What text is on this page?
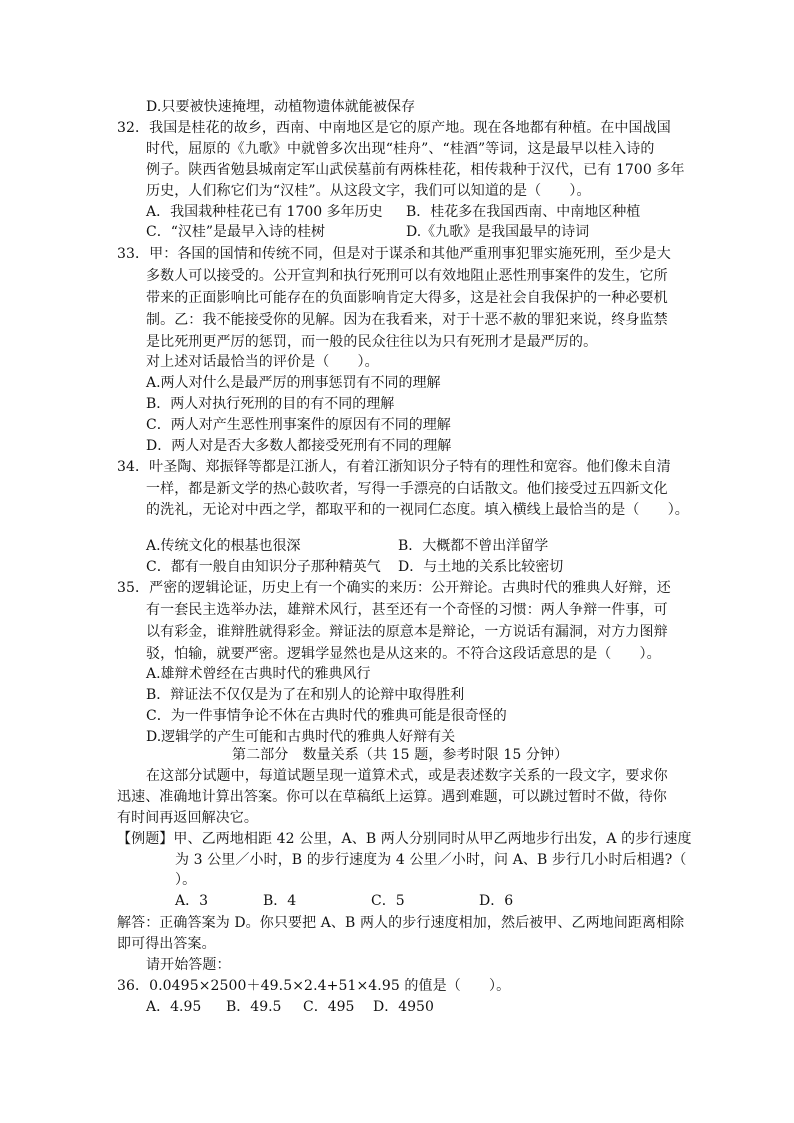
D.只要被快速掩埋，动植物遗体就能被保存
32．我国是桂花的故乡，西南、中南地区是它的原产地。现在各地都有种植。在中国战国
时代，屈原的《九歌》中就曾多次出现“桂舟”、“桂酒”等词，这是最早以桂入诗的
例子。陕西省勉县城南定军山武侯墓前有两株桂花，相传栽种于汉代，已有 1700 多年
历史，人们称它们为“汉桂”。从这段文字，我们可以知道的是（　　）。
A．我国栽种桂花已有 1700 多年历史 B．桂花多在我国西南、中南地区种植
C．“汉桂”是最早入诗的桂树	D.《九歌》是我国最早的诗词
33．甲：各国的国情和传统不同，但是对于谋杀和其他严重刑事犯罪实施死刑，至少是大
多数人可以接受的。公开宣判和执行死刑可以有效地阻止恶性刑事案件的发生，它所
带来的正面影响比可能存在的负面影响肯定大得多，这是社会自我保护的一种必要机
制。乙：我不能接受你的见解。因为在我看来，对于十恶不赦的罪犯来说，终身监禁
是比死刑更严厉的惩罚，而一般的民众往往以为只有死刑才是最严厉的。
对上述对话最恰当的评价是（　　）。
A.两人对什么是最严厉的刑事惩罚有不同的理解
B．两人对执行死刑的目的有不同的理解
C．两人对产生恶性刑事案件的原因有不同的理解
D．两人对是否大多数人都接受死刑有不同的理解
34．叶圣陶、郑振铎等都是江浙人，有着江浙知识分子特有的理性和宽容。他们像未自清
一样，都是新文学的热心鼓吹者，写得一手漂亮的白话散文。他们接受过五四新文化
的洗礼，无论对中西之学，都取平和的一视同仁态度。填入横线上最恰当的是（　　）。
A.传统文化的根基也很深	B．大概都不曾出洋留学
C．都有一般自由知识分子那种精英气 D．与土地的关系比较密切
35．严密的逻辑论证，历史上有一个确实的来历：公开辩论。古典时代的雅典人好辩，还
有一套民主选举办法，雄辩术风行，甚至还有一个奇怪的习惯：两人争辩一件事，可
以有彩金，谁辩胜就得彩金。辩证法的原意本是辩论，一方说话有漏洞，对方力图辩
驳，怕输，就要严密。逻辑学显然也是从这来的。不符合这段话意思的是（　　）。
A.雄辩术曾经在古典时代的雅典风行
B．辩证法不仅仅是为了在和别人的论辩中取得胜利
C．为一件事情争论不休在古典时代的雅典可能是很奇怪的
D.逻辑学的产生可能和古典时代的雅典人好辩有关
第二部分　数量关系（共 15 题，参考时限 15 分钟）
在这部分试题中，每道试题呈现一道算术式，或是表述数字关系的一段文字，要求你
迅速、准确地计算出答案。你可以在草稿纸上运算。遇到难题，可以跳过暂时不做，待你
有时间再返回解决它。
【例题】甲、乙两地相距 42 公里，A、B 两人分别同时从甲乙两地步行出发，A 的步行速度
为 3 公里／小时，B 的步行速度为 4 公里／小时，问 A、B 步行几小时后相遇?（
）。
A．3	B．4	C．5	D．6
解答：正确答案为 D。你只要把 A、B 两人的步行速度相加，然后被甲、乙两地间距离相除
即可得出答案。
请开始答题：
36．0.0495×2500＋49.5×2.4+51×4.95 的值是（　　）。
A．4.95 B．49.5 C．495 D．4950
